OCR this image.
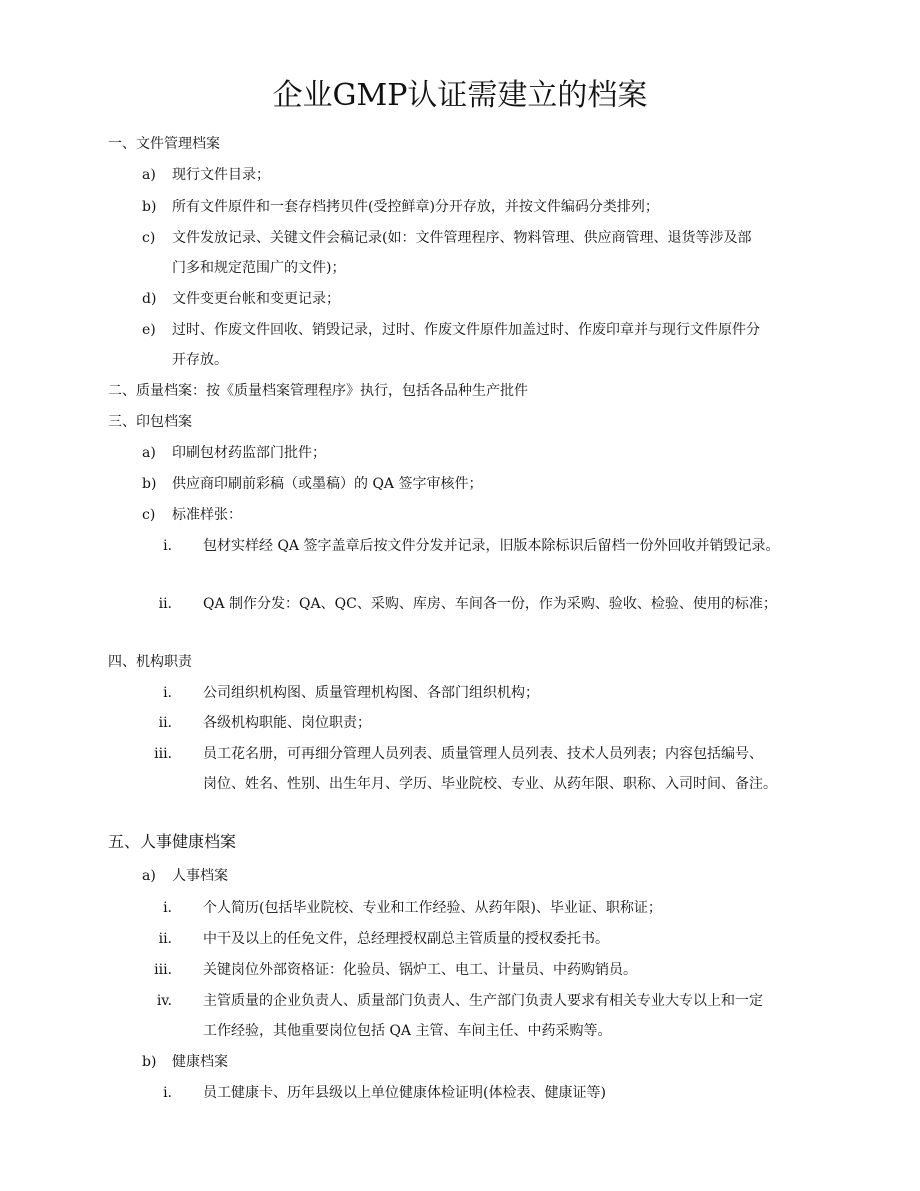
企业GMP认证需建立的档案
一、文件管理档案
a) 现行文件目录；
b) 所有文件原件和一套存档拷贝件(受控鲜章)分开存放，并按文件编码分类排列；
c) 文件发放记录、关键文件会稿记录(如：文件管理程序、物料管理、供应商管理、退货等涉及部
门多和规定范围广的文件)；
d) 文件变更台帐和变更记录；
e) 过时、作废文件回收、销毁记录，过时、作废文件原件加盖过时、作废印章并与现行文件原件分
开存放。
二、质量档案：按《质量档案管理程序》执行，包括各品种生产批件
三、印包档案
a) 印刷包材药监部门批件；
b) 供应商印刷前彩稿（或墨稿）的 QA 签字审核件；
c) 标准样张：
i. 包材实样经 QA 签字盖章后按文件分发并记录，旧版本除标识后留档一份外回收并销毁记录。
ii. QA 制作分发：QA、QC、采购、库房、车间各一份，作为采购、验收、检验、使用的标准；
四、机构职责
i. 公司组织机构图、质量管理机构图、各部门组织机构；
ii. 各级机构职能、岗位职责；
iii. 员工花名册，可再细分管理人员列表、质量管理人员列表、技术人员列表；内容包括编号、
岗位、姓名、性别、出生年月、学历、毕业院校、专业、从药年限、职称、入司时间、备注。
五、人事健康档案
a) 人事档案
i. 个人简历(包括毕业院校、专业和工作经验、从药年限)、毕业证、职称证；
ii. 中干及以上的任免文件，总经理授权副总主管质量的授权委托书。
iii. 关键岗位外部资格证：化验员、锅炉工、电工、计量员、中药购销员。
iv. 主管质量的企业负责人、质量部门负责人、生产部门负责人要求有相关专业大专以上和一定
工作经验，其他重要岗位包括 QA 主管、车间主任、中药采购等。
b) 健康档案
i. 员工健康卡、历年县级以上单位健康体检证明(体检表、健康证等)
